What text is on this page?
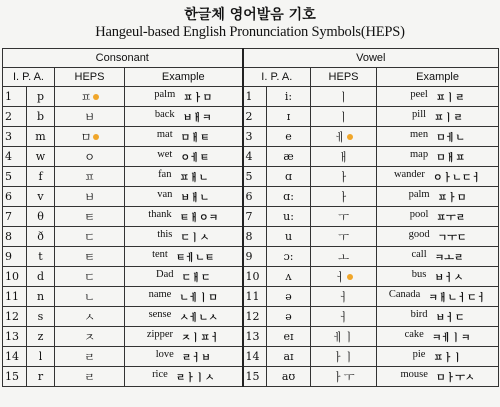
한글체 영어발음 기호
Hangeul-based English Pronunciation Symbols(HEPS)
Consonant				Vowel			
I. P. A.		HEPS	Example	I. P. A.		HEPS	Example
1	p	ㅍ	palm ㅍㅏㅁ	1	i:	ㅣ	peel ㅍㅣㄹ

2	b	ㅂ	back ㅂㅐㅋ	2	ɪ	ㅣ	pill ㅍㅣㄹ

3	m	ㅁ	mat ㅁㅐㅌ	3	e	ㅔ	men ㅁㅔㄴ

4	w	ㅇ	wet ㅇㅔㅌ	4	æ	ㅐ	map ㅁㅐㅍ

5	f	ㅍ	fan ㅍㅐㄴ	5	ɑ	ㅏ	wander ㅇㅏㄴㄷㅓ

6	v	ㅂ	van ㅂㅐㄴ	6	ɑ:	ㅏ	palm ㅍㅏㅁ

7	θ	ㅌ	thank ㅌㅐㅇㅋ	7	u:	ㅜ	pool ㅍㅜㄹ

8	ð	ㄷ	this ㄷㅣㅅ	8	u	ㅜ	good ㄱㅜㄷ

9	t	ㅌ	tent ㅌㅔㄴㅌ	9	ɔ:	ㅗ	call ㅋㅗㄹ

10	d	ㄷ	Dad ㄷㅐㄷ	10	ʌ	ㅓ	bus ㅂㅓㅅ

11	n	ㄴ	name ㄴㅔㅣㅁ	11	ə	ㅓ	Canada ㅋㅐㄴㅓㄷㅓ

12	s	ㅅ	sense ㅅㅔㄴㅅ	12	ə	ㅓ	bird ㅂㅓㄷ

13	z	ㅈ	zipper ㅈㅣㅍㅓ	13	eɪ	ㅔㅣ	cake ㅋㅔㅣㅋ

14	l	ㄹ	love ㄹㅓㅂ	14	aɪ	ㅏㅣ	pie ㅍㅏㅣ

15	r	ㄹ	rice ㄹㅏㅣㅅ	15	aʊ	ㅏㅜ	mouse ㅁㅏㅜㅅ
